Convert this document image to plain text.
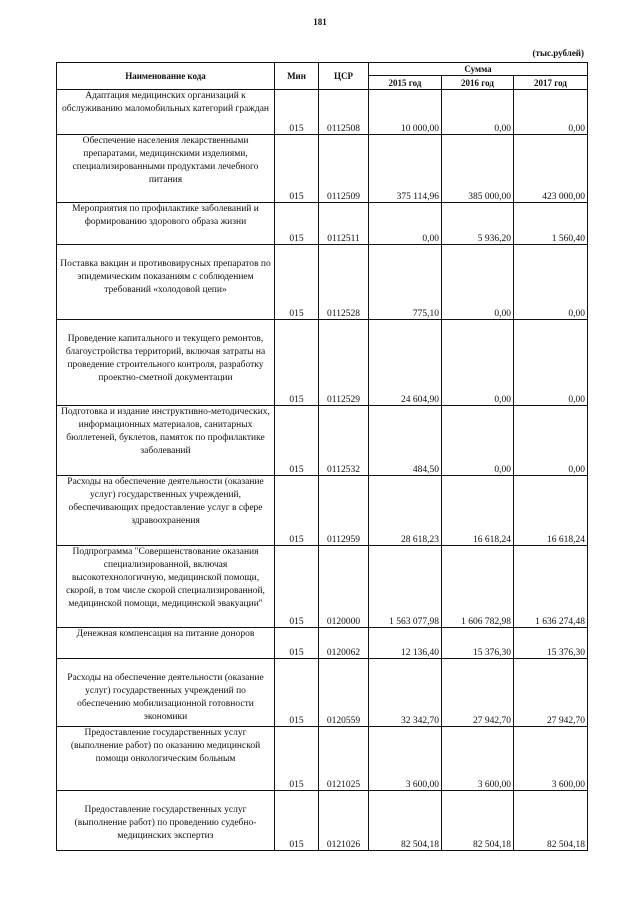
181
(тыс.рублей)
Наименование кода	Мин	ЦСР	Сумма		
			2015 год	2016 год	2017 год
Адаптация медицинских организаций к обслуживанию маломобильных категорий граждан	015	0112508	10 000,00	0,00	0,00
Обеспечение населения лекарственными препаратами, медицинскими изделиями, специализированными продуктами лечебного питания	015	0112509	375 114,96	385 000,00	423 000,00
Мероприятия по профилактике заболеваний и формированию здорового образа жизни	015	0112511	0,00	5 936,20	1 560,40
Поставка вакцин и противовирусных препаратов по эпидемическим показаниям с соблюдением требований «холодовой цепи»	015	0112528	775,10	0,00	0,00
Проведение капитального и текущего ремонтов, благоустройства территорий, включая затраты на проведение строительного контроля, разработку проектно-сметной документации	015	0112529	24 604,90	0,00	0,00
Подготовка и издание инструктивно-методических, информационных материалов, санитарных бюллетеней, буклетов, памяток по профилактике заболеваний	015	0112532	484,50	0,00	0,00
Расходы на обеспечение деятельности (оказание услуг) государственных учреждений, обеспечивающих предоставление услуг в сфере здравоохранения	015	0112959	28 618,23	16 618,24	16 618,24
Подпрограмма "Совершенствование оказания специализированной, включая высокотехнологичную, медицинской помощи, скорой, в том числе скорой специализированной, медицинской помощи, медицинской эвакуации"	015	0120000	1 563 077,98	1 606 782,98	1 636 274,48
Денежная компенсация на питание доноров	015	0120062	12 136,40	15 376,30	15 376,30
Расходы на обеспечение деятельности (оказание услуг) государственных учреждений по обеспечению мобилизационной готовности экономики	015	0120559	32 342,70	27 942,70	27 942,70
Предоставление государственных услуг (выполнение работ) по оказанию медицинской помощи онкологическим больным	015	0121025	3 600,00	3 600,00	3 600,00
Предоставление государственных услуг (выполнение работ) по проведению судебно-медицинских экспертиз	015	0121026	82 504,18	82 504,18	82 504,18
